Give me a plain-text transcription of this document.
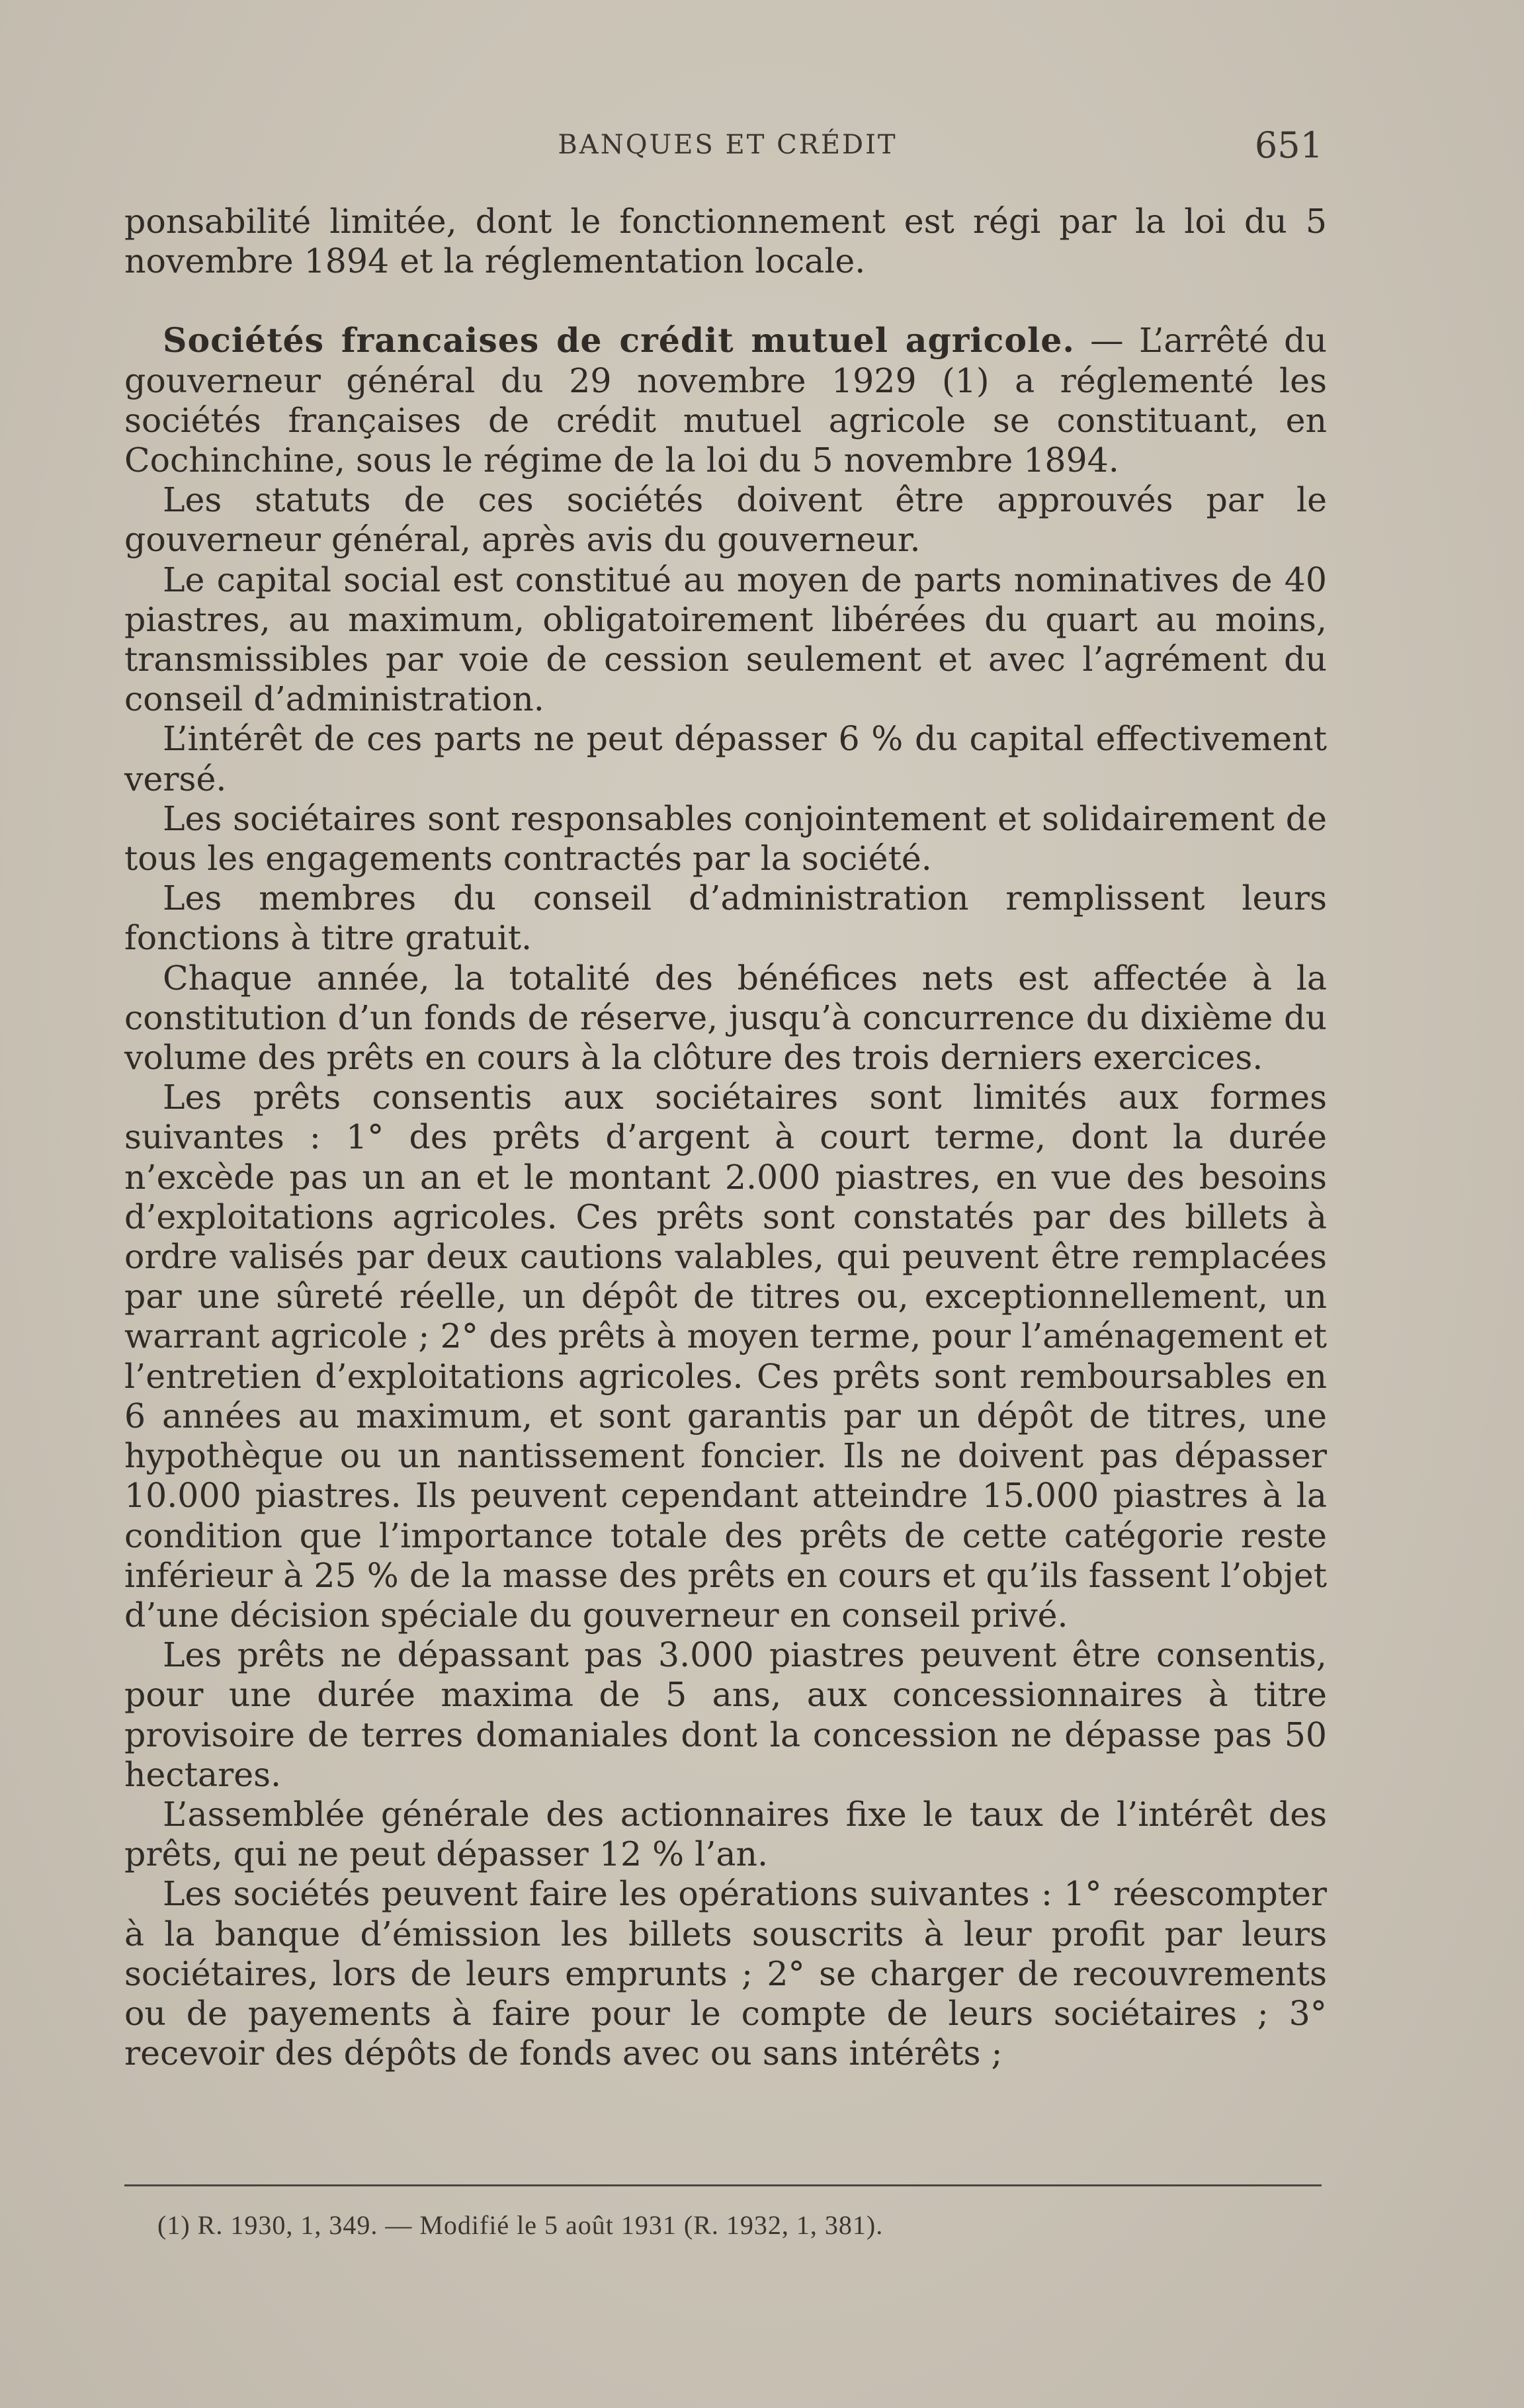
BANQUES ET CRÉDIT	651

ponsabilité limitée, dont le fonctionnement est régi par la loi du 5 novembre 1894 et la réglementation locale.

Sociétés francaises de crédit mutuel agricole. — L’arrêté du gouverneur général du 29 novembre 1929 (1) a réglementé les sociétés françaises de crédit mutuel agricole se constituant, en Cochinchine, sous le régime de la loi du 5 novembre 1894.

Les statuts de ces sociétés doivent être approuvés par le gouverneur général, après avis du gouverneur.

Le capital social est constitué au moyen de parts nominatives de 40 piastres, au maximum, obligatoirement libérées du quart au moins, transmissibles par voie de cession seulement et avec l’agrément du conseil d’administration.

L’intérêt de ces parts ne peut dépasser 6 % du capital effectivement versé.

Les sociétaires sont responsables conjointement et solidairement de tous les engagements contractés par la société.

Les membres du conseil d’administration remplissent leurs fonctions à titre gratuit.

Chaque année, la totalité des bénéfices nets est affectée à la constitution d’un fonds de réserve, jusqu’à concurrence du dixième du volume des prêts en cours à la clôture des trois derniers exercices.

Les prêts consentis aux sociétaires sont limités aux formes suivantes : 1° des prêts d’argent à court terme, dont la durée n’excède pas un an et le montant 2.000 piastres, en vue des besoins d’exploitations agricoles. Ces prêts sont constatés par des billets à ordre valisés par deux cautions valables, qui peuvent être remplacées par une sûreté réelle, un dépôt de titres ou, exceptionnellement, un warrant agricole ; 2° des prêts à moyen terme, pour l’aménagement et l’entretien d’exploitations agricoles. Ces prêts sont remboursables en 6 années au maximum, et sont garantis par un dépôt de titres, une hypothèque ou un nantissement foncier. Ils ne doivent pas dépasser 10.000 piastres. Ils peuvent cependant atteindre 15.000 piastres à la condition que l’importance totale des prêts de cette catégorie reste inférieur à 25 % de la masse des prêts en cours et qu’ils fassent l’objet d’une décision spéciale du gouverneur en conseil privé.

Les prêts ne dépassant pas 3.000 piastres peuvent être consentis, pour une durée maxima de 5 ans, aux concessionnaires à titre provisoire de terres domaniales dont la concession ne dépasse pas 50 hectares.

L’assemblée générale des actionnaires fixe le taux de l’intérêt des prêts, qui ne peut dépasser 12 % l’an.

Les sociétés peuvent faire les opérations suivantes : 1° réescompter à la banque d’émission les billets souscrits à leur profit par leurs sociétaires, lors de leurs emprunts ; 2° se charger de recouvrements ou de payements à faire pour le compte de leurs sociétaires ; 3° recevoir des dépôts de fonds avec ou sans intérêts ;

(1) R. 1930, 1, 349. — Modifié le 5 août 1931 (R. 1932, 1, 381).
